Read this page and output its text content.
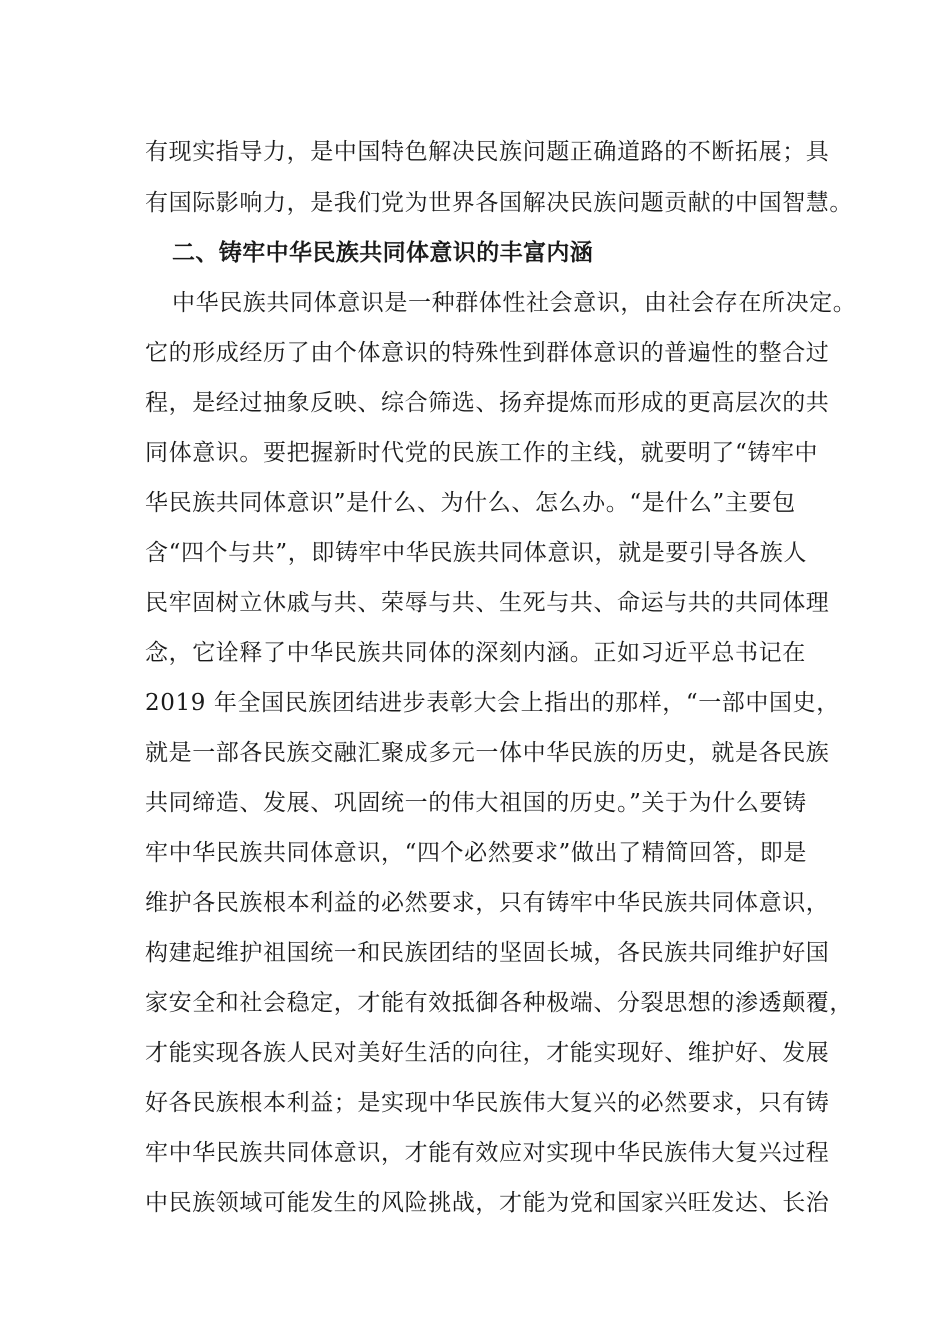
有现实指导力，是中国特色解决民族问题正确道路的不断拓展；具
有国际影响力，是我们党为世界各国解决民族问题贡献的中国智慧。
二、铸牢中华民族共同体意识的丰富内涵
中华民族共同体意识是一种群体性社会意识，由社会存在所决定。
它的形成经历了由个体意识的特殊性到群体意识的普遍性的整合过
程，是经过抽象反映、综合筛选、扬弃提炼而形成的更高层次的共
同体意识。要把握新时代党的民族工作的主线，就要明了“铸牢中
华民族共同体意识”是什么、为什么、怎么办。“是什么”主要包
含“四个与共”，即铸牢中华民族共同体意识，就是要引导各族人
民牢固树立休戚与共、荣辱与共、生死与共、命运与共的共同体理
念，它诠释了中华民族共同体的深刻内涵。正如习近平总书记在
2019 年全国民族团结进步表彰大会上指出的那样，“一部中国史，
就是一部各民族交融汇聚成多元一体中华民族的历史，就是各民族
共同缔造、发展、巩固统一的伟大祖国的历史。”关于为什么要铸
牢中华民族共同体意识，“四个必然要求”做出了精简回答，即是
维护各民族根本利益的必然要求，只有铸牢中华民族共同体意识，
构建起维护祖国统一和民族团结的坚固长城，各民族共同维护好国
家安全和社会稳定，才能有效抵御各种极端、分裂思想的渗透颠覆，
才能实现各族人民对美好生活的向往，才能实现好、维护好、发展
好各民族根本利益；是实现中华民族伟大复兴的必然要求，只有铸
牢中华民族共同体意识，才能有效应对实现中华民族伟大复兴过程
中民族领域可能发生的风险挑战，才能为党和国家兴旺发达、长治
